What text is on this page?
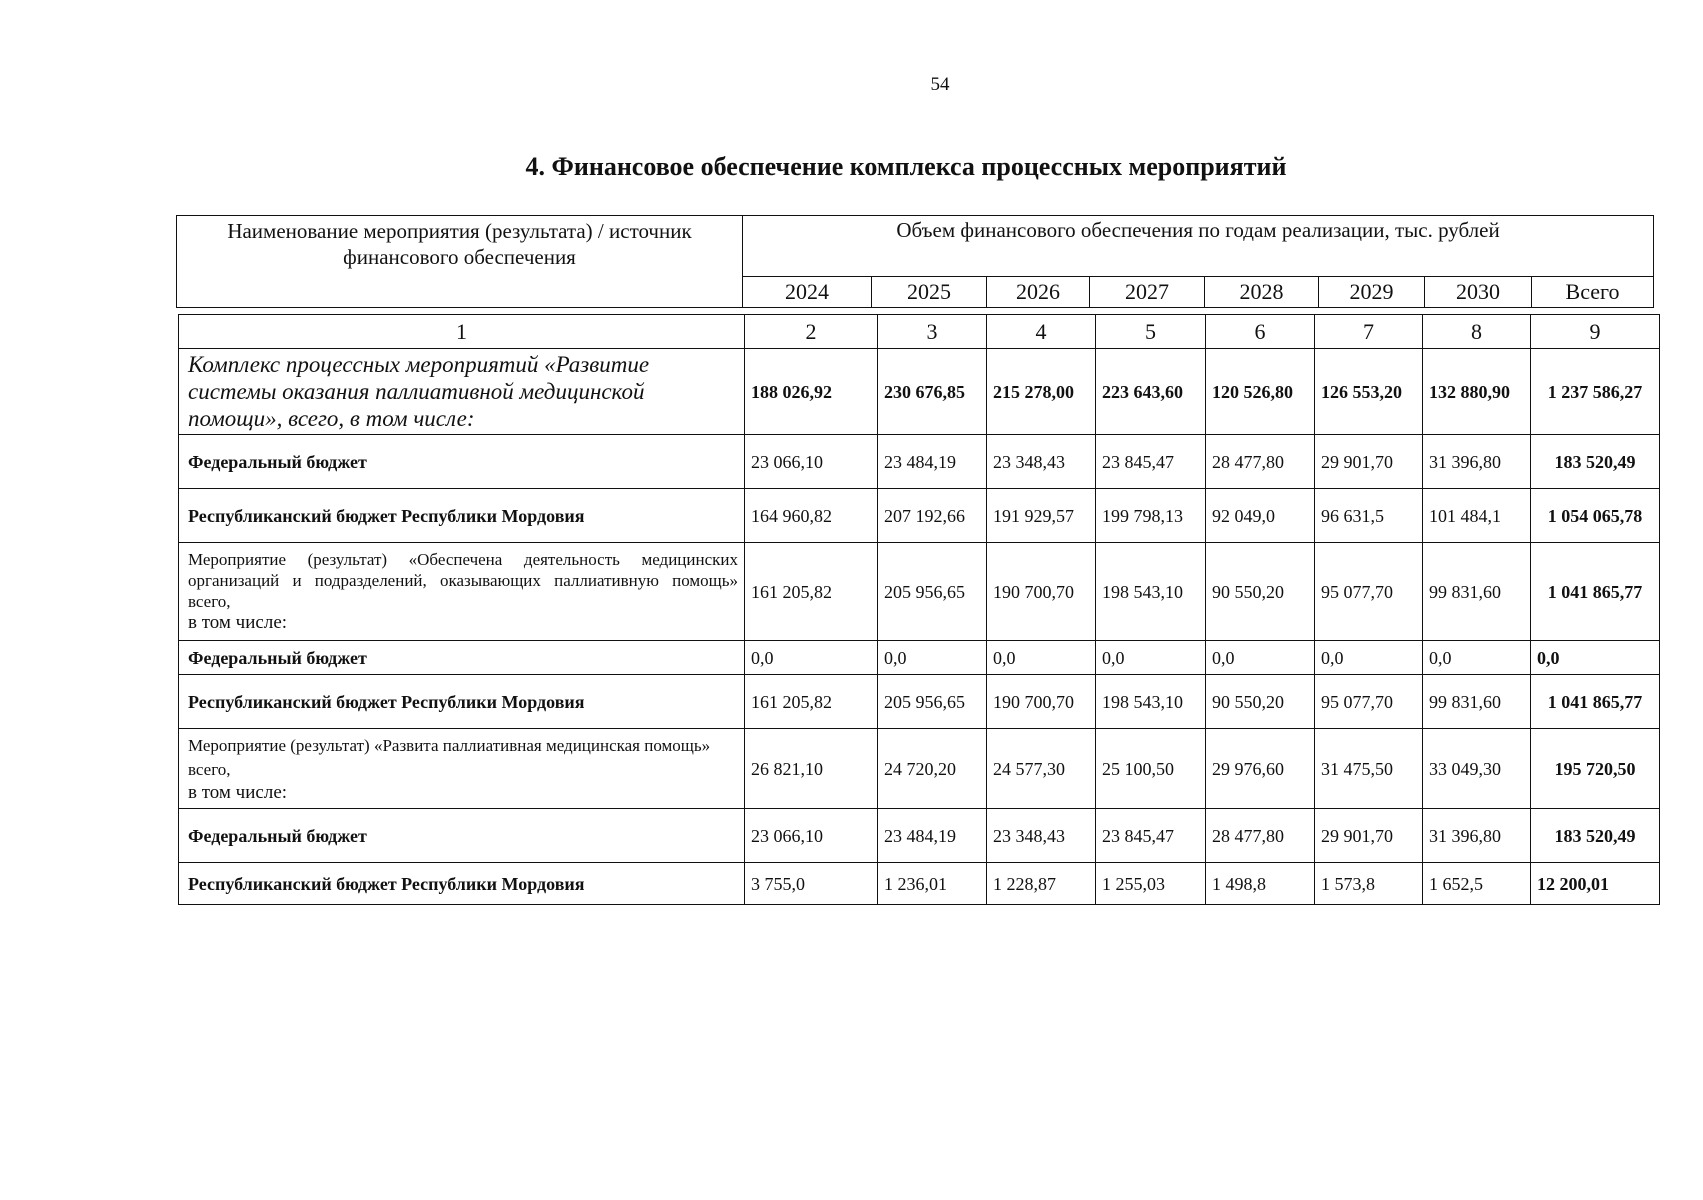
54
4. Финансовое обеспечение комплекса процессных мероприятий
Наименование мероприятия (результата) / источник финансового обеспечения	Объем финансового обеспечения по годам реализации, тыс. рублей							
	2024	2025	2026	2027	2028	2029	2030	Всего
1	2	3	4	5	6	7	8	9
Комплекс процессных мероприятий «Развитие системы оказания паллиативной медицинской помощи», всего, в том числе:	188 026,92	230 676,85	215 278,00	223 643,60	120 526,80	126 553,20	132 880,90	1 237 586,27
Федеральный бюджет	23 066,10	23 484,19	23 348,43	23 845,47	28 477,80	29 901,70	31 396,80	183 520,49
Республиканский бюджет Республики Мордовия	164 960,82	207 192,66	191 929,57	199 798,13	92 049,0	96 631,5	101 484,1	1 054 065,78

Мероприятие (результат) «Обеспечена деятельность медицинских организаций и подразделений, оказывающих паллиативную помощь» всего,
в том числе:	161 205,82	205 956,65	190 700,70	198 543,10	90 550,20	95 077,70	99 831,60	1 041 865,77
Федеральный бюджет	0,0	0,0	0,0	0,0	0,0	0,0	0,0	0,0
Республиканский бюджет Республики Мордовия	161 205,82	205 956,65	190 700,70	198 543,10	90 550,20	95 077,70	99 831,60	1 041 865,77

Мероприятие (результат) «Развита паллиативная медицинская помощь» всего,
в том числе:	26 821,10	24 720,20	24 577,30	25 100,50	29 976,60	31 475,50	33 049,30	195 720,50
Федеральный бюджет	23 066,10	23 484,19	23 348,43	23 845,47	28 477,80	29 901,70	31 396,80	183 520,49
Республиканский бюджет Республики Мордовия	3 755,0	1 236,01	1 228,87	1 255,03	1 498,8	1 573,8	1 652,5	12 200,01
